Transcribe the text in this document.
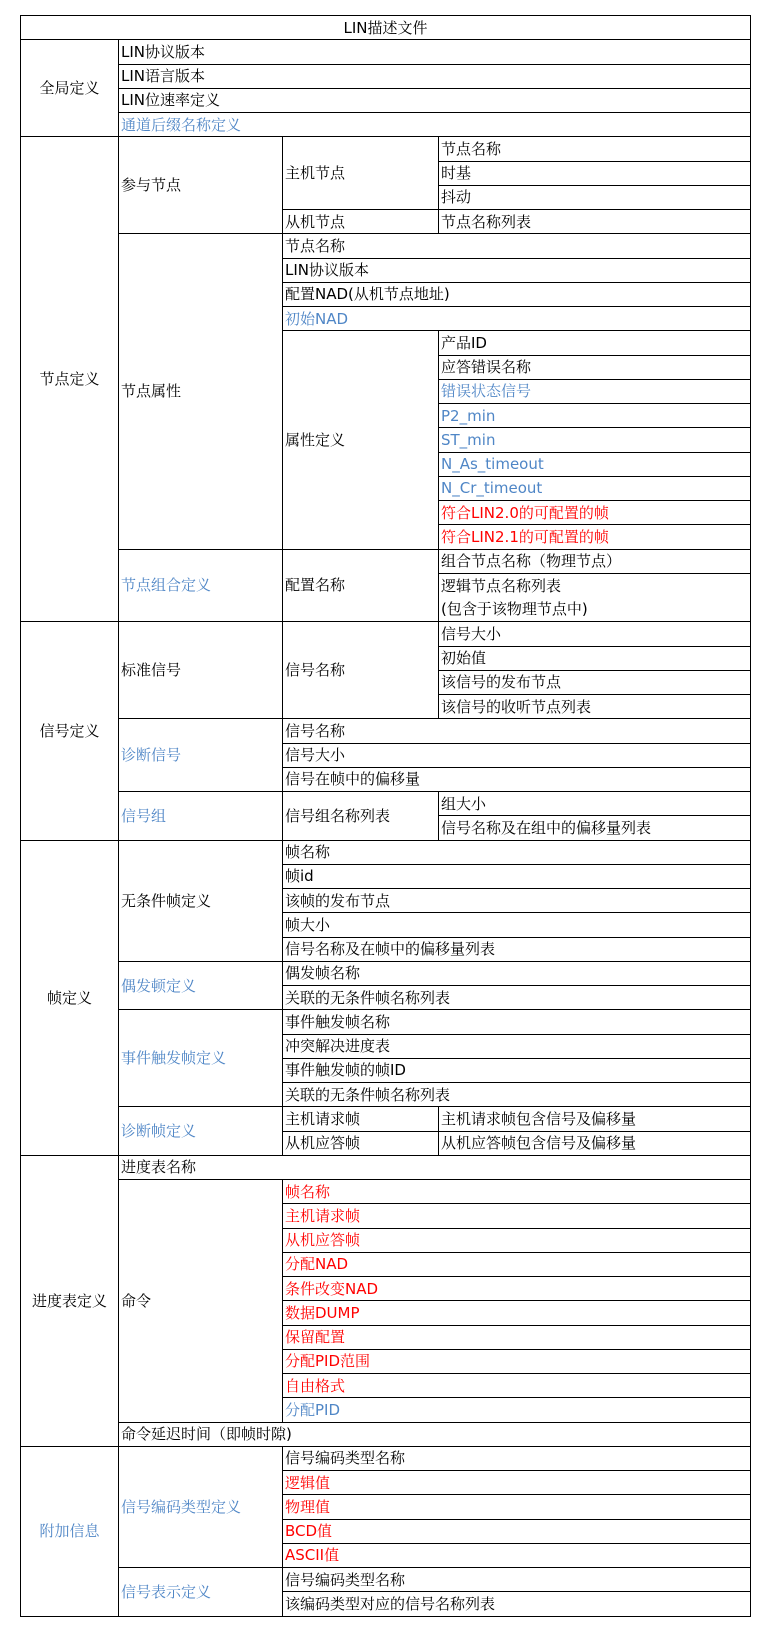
LIN描述文件			
全局定义	LIN协议版本		
	LIN语言版本		
	LIN位速率定义		
	通道后缀名称定义		
节点定义	参与节点	主机节点	节点名称
			时基
			抖动
		从机节点	节点名称列表
	节点属性	节点名称	
		LIN协议版本	
		配置NAD(从机节点地址)	
		初始NAD	
		属性定义	产品ID
			应答错误名称
			错误状态信号
			P2_min
			ST_min
			N_As_timeout
			N_Cr_timeout
			符合LIN2.0的可配置的帧
			符合LIN2.1的可配置的帧
	节点组合定义	配置名称	组合节点名称（物理节点）
			逻辑节点名称列表
			(包含于该物理节点中)
信号定义	标准信号	信号名称	信号大小
			初始值
			该信号的发布节点
			该信号的收听节点列表
	诊断信号	信号名称	
		信号大小	
		信号在帧中的偏移量	
	信号组	信号组名称列表	组大小
			信号名称及在组中的偏移量列表
帧定义	无条件帧定义	帧名称	
		帧id	
		该帧的发布节点	
		帧大小	
		信号名称及在帧中的偏移量列表	
	偶发顿定义	偶发帧名称	
		关联的无条件帧名称列表	
	事件触发帧定义	事件触发帧名称	
		冲突解决进度表	
		事件触发帧的帧ID	
		关联的无条件帧名称列表	
	诊断帧定义	主机请求帧	主机请求帧包含信号及偏移量
		从机应答帧	从机应答帧包含信号及偏移量
进度表定义	进度表名称		
	命令	帧名称	
		主机请求帧	
		从机应答帧	
		分配NAD	
		条件改变NAD	
		数据DUMP	
		保留配置	
		分配PID范围	
		自由格式	
		分配PID	
	命令延迟时间（即帧时隙)		
附加信息	信号编码类型定义	信号编码类型名称	
		逻辑值	
		物理值	
		BCD值	
		ASCII值	
	信号表示定义	信号编码类型名称	
		该编码类型对应的信号名称列表	
